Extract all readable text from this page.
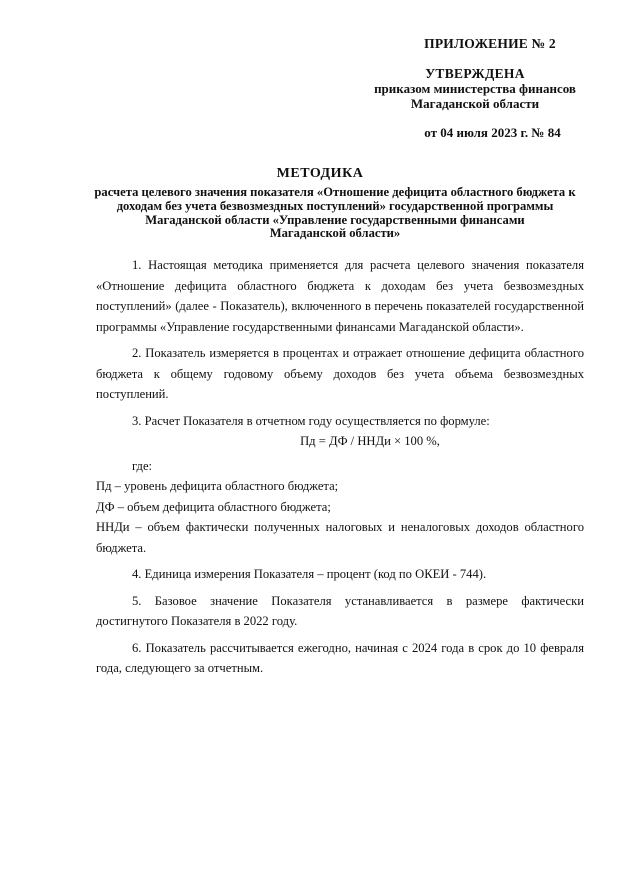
ПРИЛОЖЕНИЕ № 2
УТВЕРЖДЕНА
приказом министерства финансов
Магаданской области
от 04 июля 2023 г. № 84
МЕТОДИКА
расчета целевого значения показателя «Отношение дефицита областного бюджета к
доходам без учета безвозмездных поступлений» государственной программы
Магаданской области «Управление государственными финансами
Магаданской области»

1. Настоящая методика применяется для расчета целевого значения показателя «Отношение дефицита областного бюджета к доходам без учета безвозмездных поступлений» (далее - Показатель), включенного в перечень показателей государственной программы «Управление государственными финансами Магаданской области».

2. Показатель измеряется в процентах и отражает отношение дефицита областного бюджета к общему годовому объему доходов без учета объема безвозмездных поступлений.

3. Расчет Показателя в отчетном году осуществляется по формуле:

Пд = ДФ / ННДи × 100 %,

где:

Пд – уровень дефицита областного бюджета;

ДФ – объем дефицита областного бюджета;

ННДи – объем фактически полученных налоговых и неналоговых доходов областного бюджета.

4. Единица измерения Показателя – процент (код по ОКЕИ - 744).

5. Базовое значение Показателя устанавливается в размере фактически достигнутого Показателя в 2022 году.

6. Показатель рассчитывается ежегодно, начиная с 2024 года в срок до 10 февраля года, следующего за отчетным.
